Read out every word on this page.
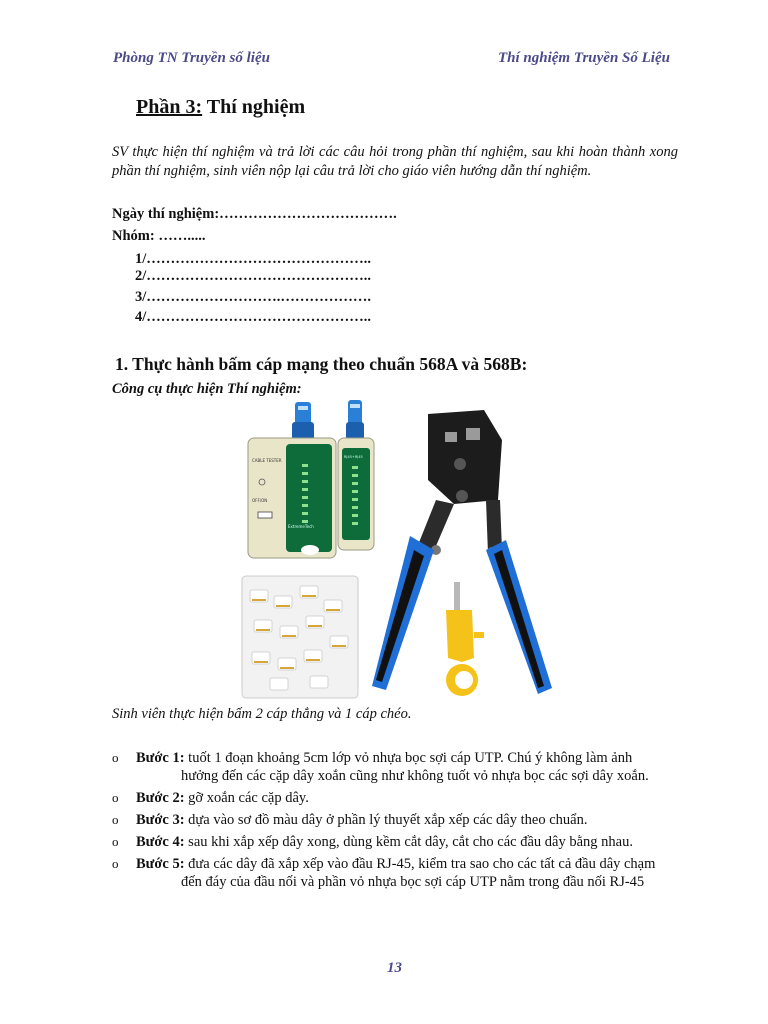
Phòng TN Truyền số liệu	Thí nghiệm Truyền Số Liệu
Phần 3: Thí nghiệm
SV thực hiện thí nghiệm và trả lời các câu hỏi trong phần thí nghiệm, sau khi hoàn thành xong phần thí nghiệm, sinh viên nộp lại câu trả lời cho giáo viên hướng dẫn thí nghiệm.
Ngày thí nghiệm:……………………………….
Nhóm: …….....
1/………………………………………..
2/………………………………………..
3/……………………….……………….
4/………………………………………..
1. Thực hành bấm cáp mạng theo chuẩn 568A và 568B:
Công cụ thực hiện Thí nghiệm:
CABLE TESTER
OFF/ON
ExtremeTech
RJ45+RJ45
Sinh viên thực hiện bấm 2 cáp thẳng và 1 cáp chéo.
o Bước 1: tuốt 1 đoạn khoảng 5cm lớp vỏ nhựa bọc sợi cáp UTP. Chú ý không làm ảnh
hưởng đến các cặp dây xoắn cũng như không tuốt vỏ nhựa bọc các sợi dây xoắn.
o Bước 2: gỡ xoắn các cặp dây.
o Bước 3: dựa vào sơ đồ màu dây ở phần lý thuyết xắp xếp các dây theo chuẩn.
o Bước 4: sau khi xắp xếp dây xong, dùng kềm cắt dây, cắt cho các đầu dây bằng nhau.
o Bước 5: đưa các dây đã xắp xếp vào đầu RJ-45, kiểm tra sao cho các tất cả đầu dây chạm
đến đáy của đầu nối và phần vỏ nhựa bọc sợi cáp UTP nằm trong đầu nối RJ-45
13
